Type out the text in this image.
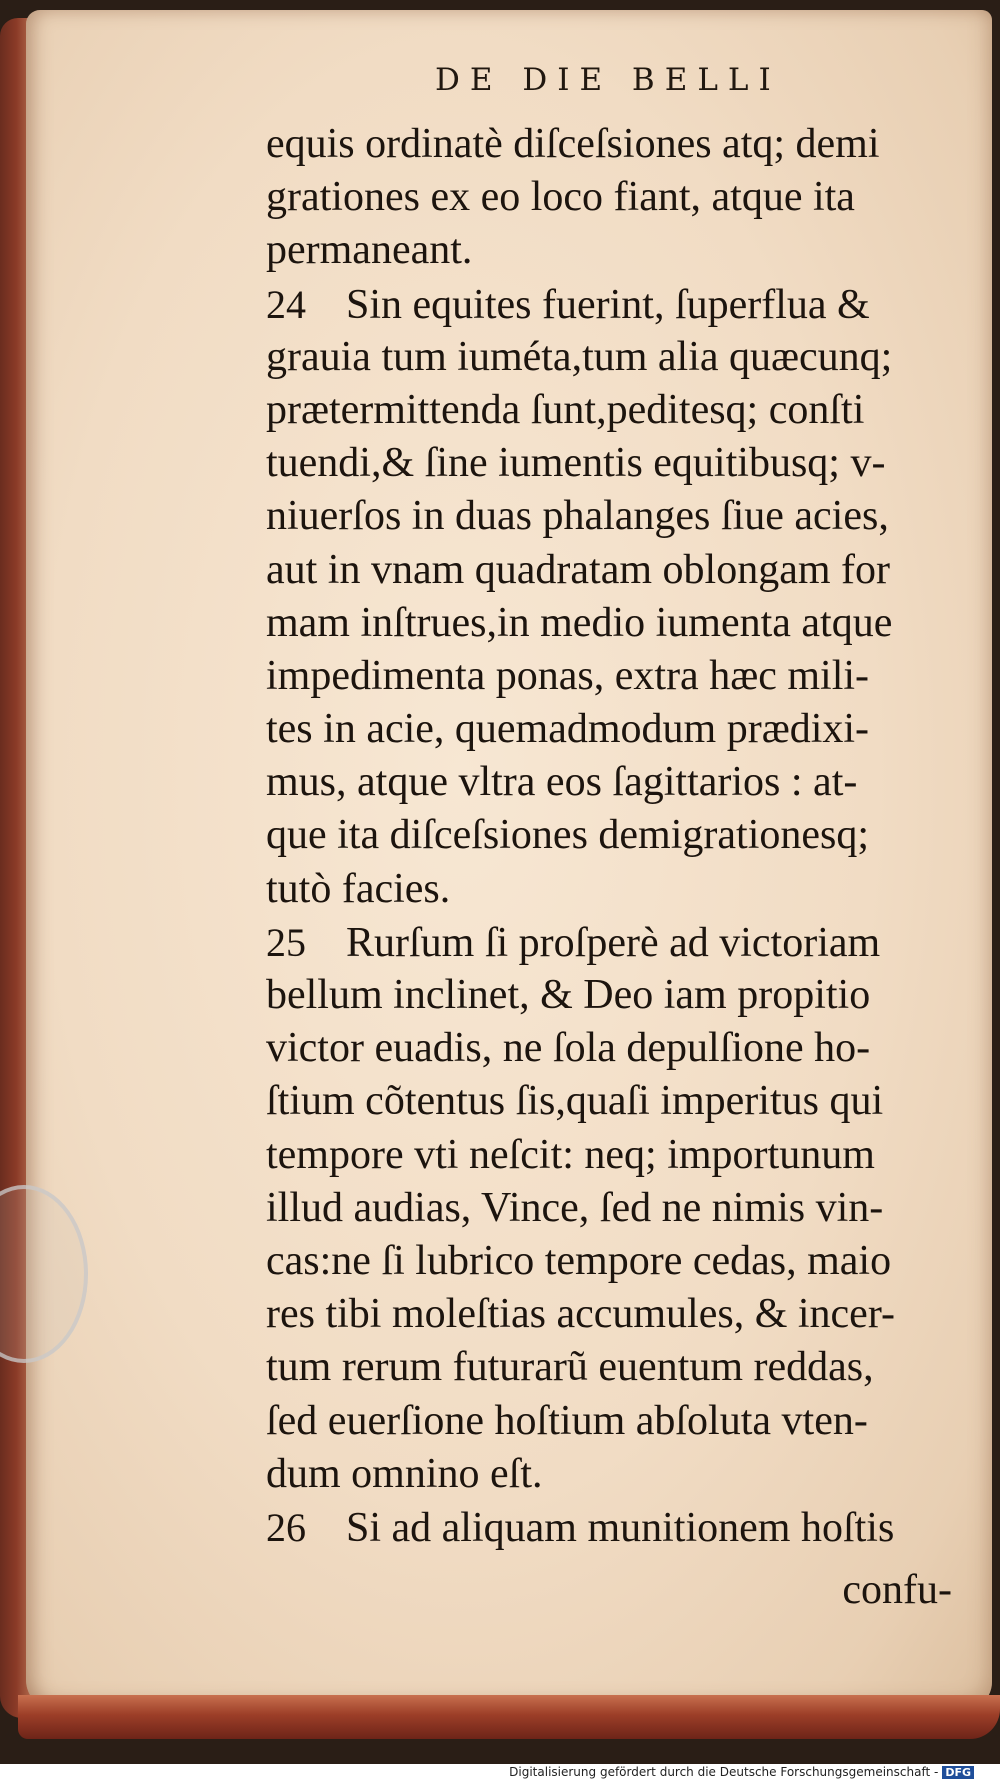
DE DIE BELLI
equis ordinatè diſceſsiones atq; demi
grationes ex eo loco fiant, atque ita
permaneant.
24 Sin equites fuerint, ſuperflua &
grauia tum iuméta,tum alia quæcunq;
prætermittenda ſunt,peditesq; conſti
tuendi,& ſine iumentis equitibusq; v-
niuerſos in duas phalanges ſiue acies,
aut in vnam quadratam oblongam for
mam inſtrues,in medio iumenta atque
impedimenta ponas, extra hæc mili-
tes in acie, quemadmodum prædixi-
mus, atque vltra eos ſagittarios : at-
que ita diſceſsiones demigrationesq;
tutò facies.
25 Rurſum ſi proſperè ad victoriam
bellum inclinet, & Deo iam propitio
victor euadis, ne ſola depulſione ho-
ſtium cõtentus ſis,quaſi imperitus qui
tempore vti neſcit: neq; importunum
illud audias, Vince, ſed ne nimis vin-
cas:ne ſi lubrico tempore cedas, maio
res tibi moleſtias accumules, & incer-
tum rerum futurarũ euentum reddas,
ſed euerſione hoſtium abſoluta vten-
dum omnino eſt.
26 Si ad aliquam munitionem hoſtis
confu-
Digitalisierung gefördert durch die Deutsche Forschungsgemeinschaft - DFG
